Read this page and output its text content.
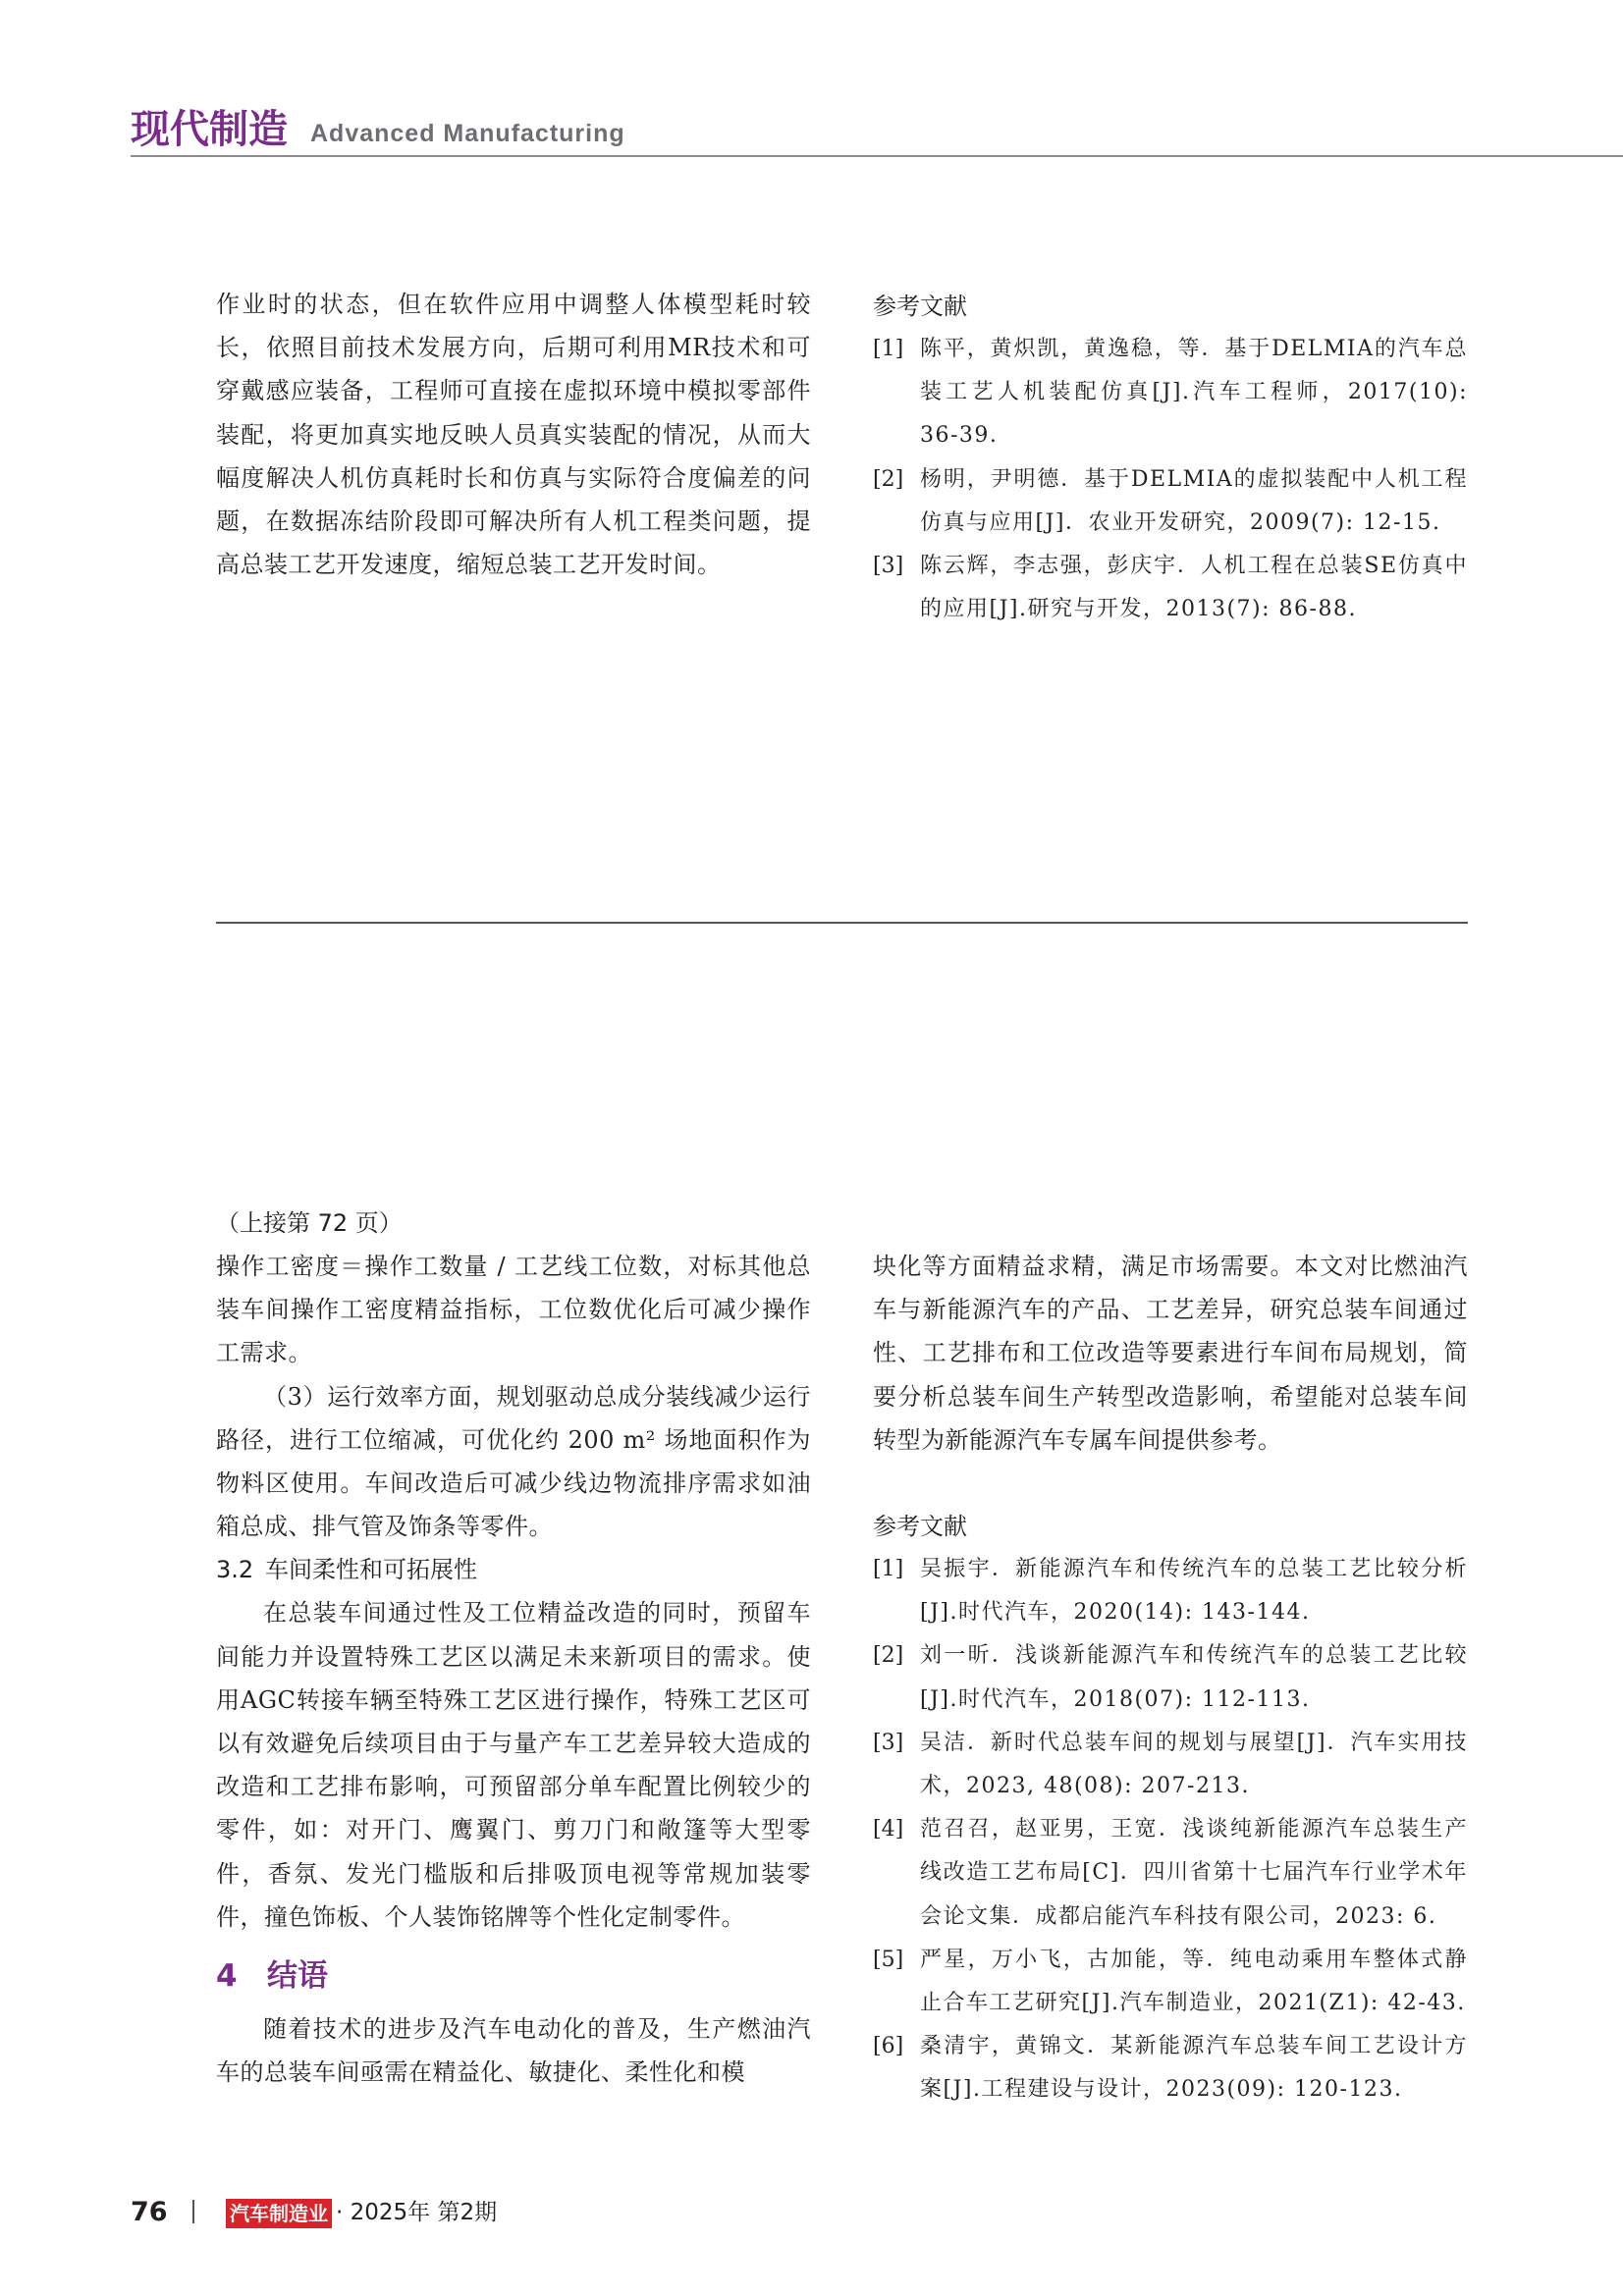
现代制造 Advanced Manufacturing

作业时的状态，但在软件应用中调整人体模型耗时较长，依照目前技术发展方向，后期可利用MR技术和可穿戴感应装备，工程师可直接在虚拟环境中模拟零部件装配，将更加真实地反映人员真实装配的情况，从而大幅度解决人机仿真耗时长和仿真与实际符合度偏差的问题，在数据冻结阶段即可解决所有人机工程类问题，提高总装工艺开发速度，缩短总装工艺开发时间。

参考文献

[1] 陈平，黄炽凯，黄逸稳，等．基于DELMIA的汽车总装工艺人机装配仿真[J].汽车工程师，2017(10): 36-39.
[2] 杨明，尹明德．基于DELMIA的虚拟装配中人机工程仿真与应用[J]．农业开发研究，2009(7): 12-15.
[3] 陈云辉，李志强，彭庆宇．人机工程在总装SE仿真中的应用[J].研究与开发，2013(7): 86-88.

（上接第 72 页）

操作工密度＝操作工数量 / 工艺线工位数，对标其他总装车间操作工密度精益指标，工位数优化后可减少操作工需求。

（3）运行效率方面，规划驱动总成分装线减少运行路径，进行工位缩减，可优化约 200 m² 场地面积作为物料区使用。车间改造后可减少线边物流排序需求如油箱总成、排气管及饰条等零件。

3.2 车间柔性和可拓展性

在总装车间通过性及工位精益改造的同时，预留车间能力并设置特殊工艺区以满足未来新项目的需求。使用AGC转接车辆至特殊工艺区进行操作，特殊工艺区可以有效避免后续项目由于与量产车工艺差异较大造成的改造和工艺排布影响，可预留部分单车配置比例较少的零件，如：对开门、鹰翼门、剪刀门和敞篷等大型零件，香氛、发光门槛版和后排吸顶电视等常规加装零件，撞色饰板、个人装饰铭牌等个性化定制零件。

4 结语

随着技术的进步及汽车电动化的普及，生产燃油汽车的总装车间亟需在精益化、敏捷化、柔性化和模

块化等方面精益求精，满足市场需要。本文对比燃油汽车与新能源汽车的产品、工艺差异，研究总装车间通过性、工艺排布和工位改造等要素进行车间布局规划，简要分析总装车间生产转型改造影响，希望能对总装车间转型为新能源汽车专属车间提供参考。

参考文献

[1] 吴振宇．新能源汽车和传统汽车的总装工艺比较分析[J].时代汽车，2020(14): 143-144.
[2] 刘一昕．浅谈新能源汽车和传统汽车的总装工艺比较[J].时代汽车，2018(07): 112-113.
[3] 吴洁．新时代总装车间的规划与展望[J]．汽车实用技术，2023, 48(08): 207-213.
[4] 范召召，赵亚男，王宽．浅谈纯新能源汽车总装生产线改造工艺布局[C]．四川省第十七届汽车行业学术年会论文集．成都启能汽车科技有限公司，2023: 6.
[5] 严星，万小飞，古加能，等．纯电动乘用车整体式静止合车工艺研究[J].汽车制造业，2021(Z1): 42-43.
[6] 桑清宇，黄锦文．某新能源汽车总装车间工艺设计方案[J].工程建设与设计，2023(09): 120-123.
76	汽车制造业 · 2025年 第2期
